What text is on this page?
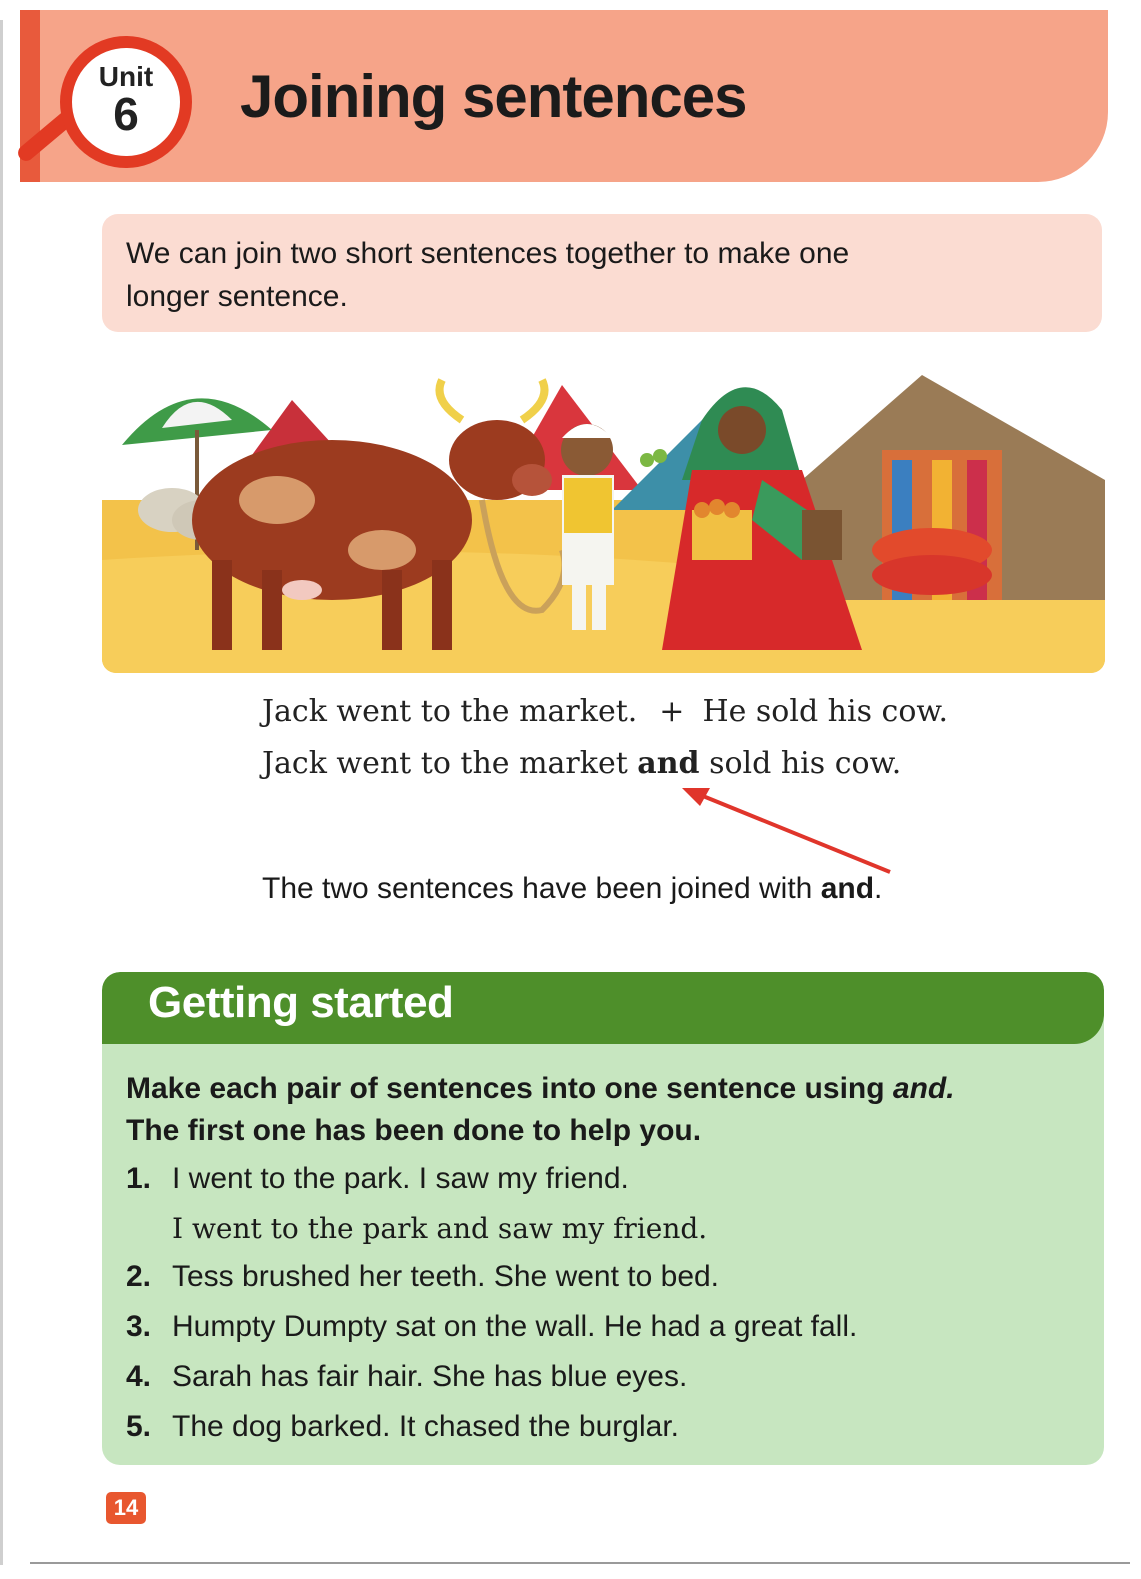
Unit
6 Joining sentences

We can join two short sentences together to make one longer sentence.

Jack went to the market. + He sold his cow.
Jack went to the market and sold his cow.
The two sentences have been joined with and.
Getting started

Make each pair of sentences into one sentence using and.
The first one has been done to help you.

1. I went to the park. I saw my friend.
I went to the park and saw my friend.
2. Tess brushed her teeth. She went to bed.
3. Humpty Dumpty sat on the wall. He had a great fall.
4. Sarah has fair hair. She has blue eyes.
5. The dog barked. It chased the burglar.
14
